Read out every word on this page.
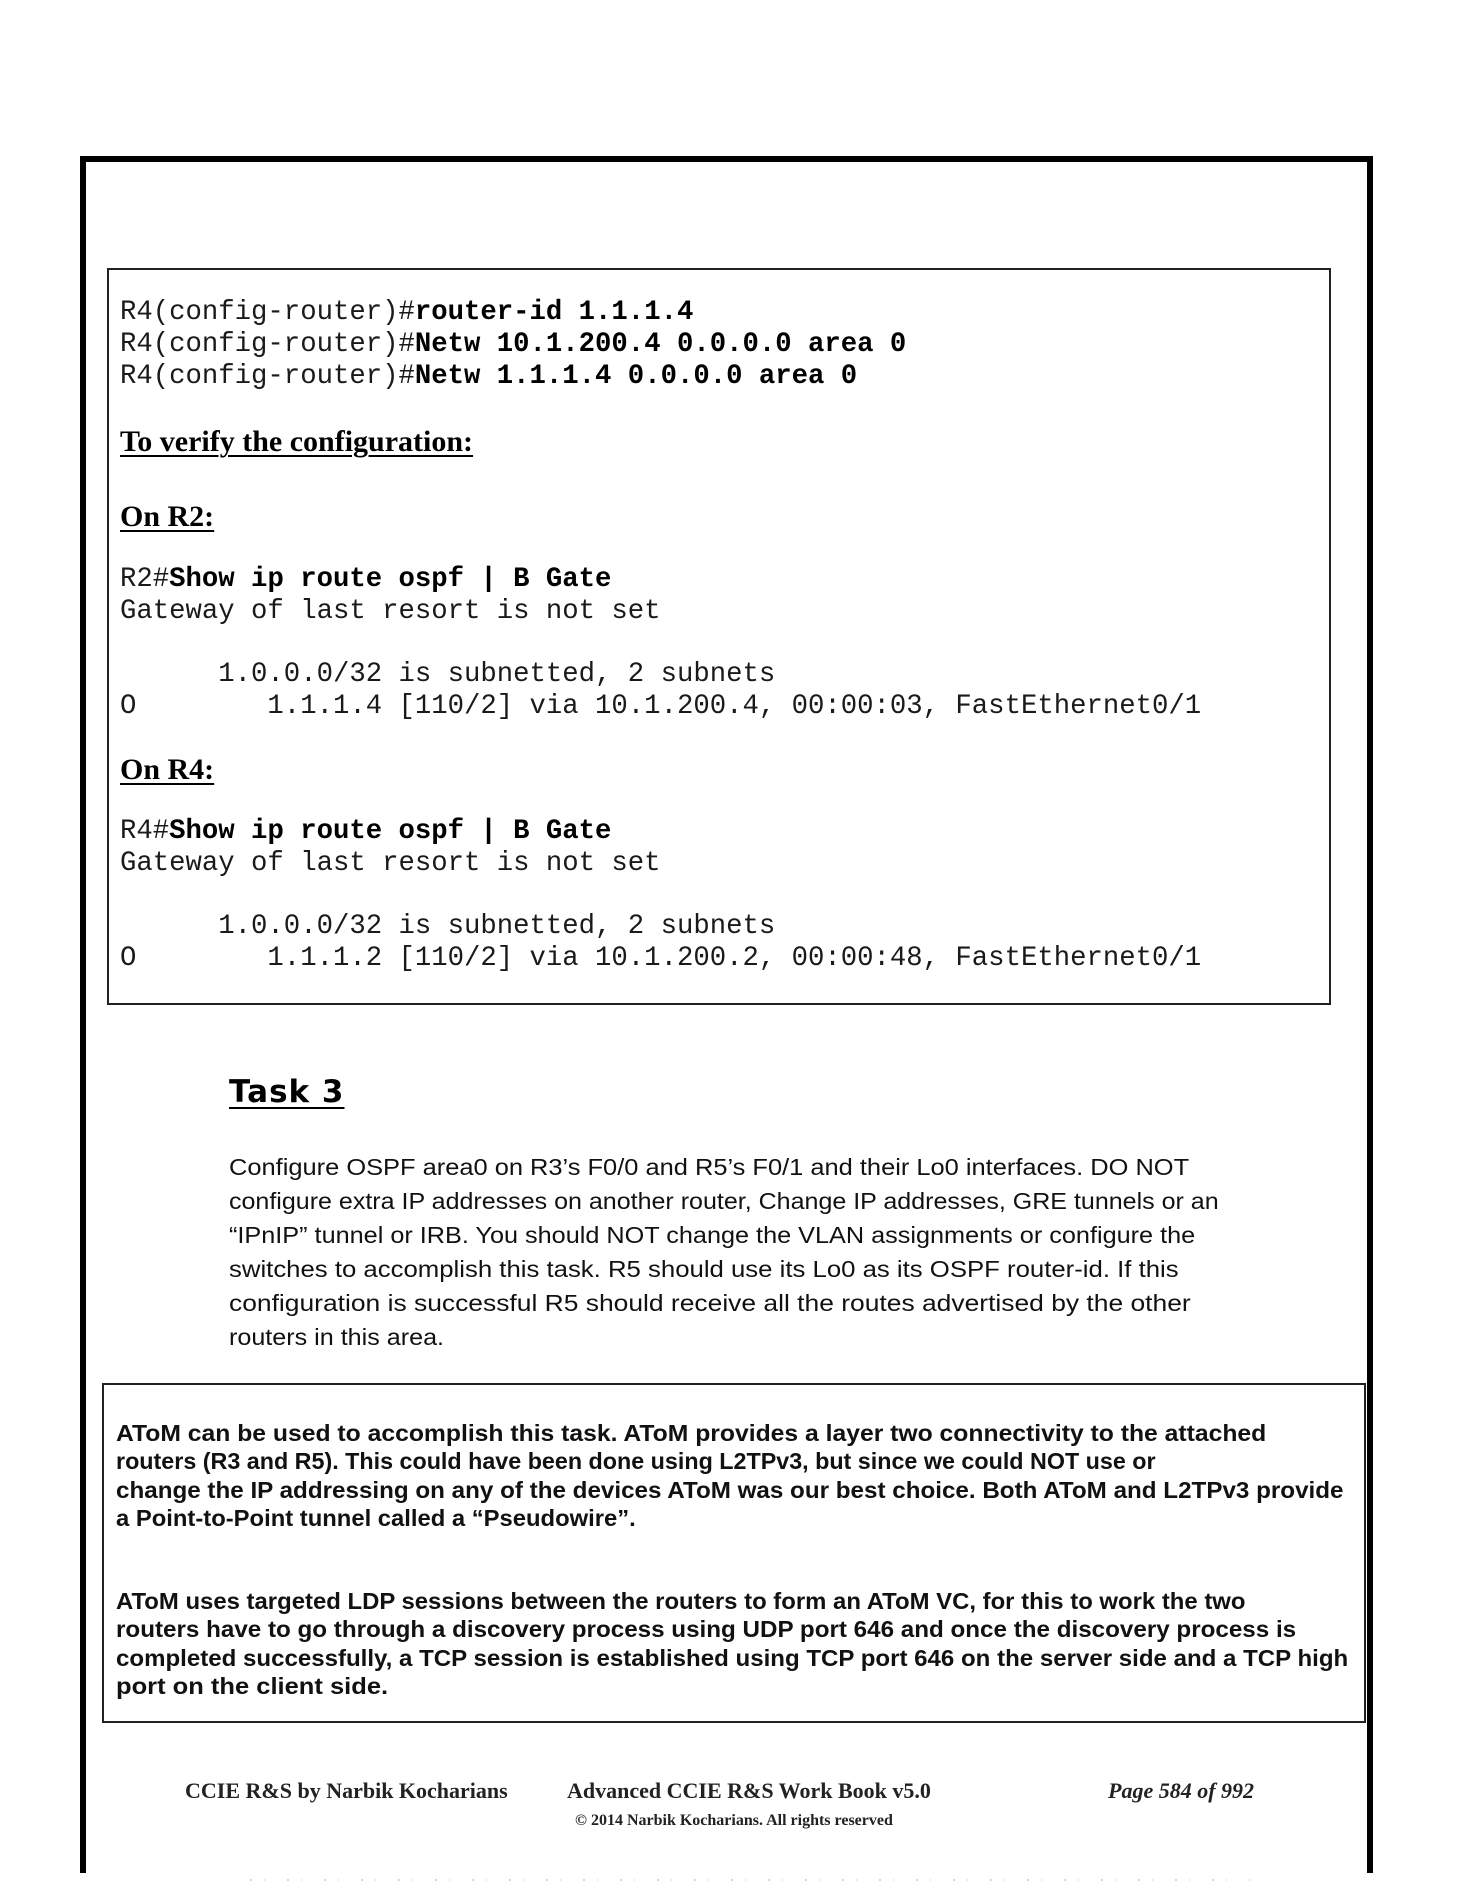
R4(config-router)#router-id 1.1.1.4
R4(config-router)#Netw 10.1.200.4 0.0.0.0 area 0
R4(config-router)#Netw 1.1.1.4 0.0.0.0 area 0
To verify the configuration:
On R2:
R2#Show ip route ospf | B Gate
Gateway of last resort is not set
1.0.0.0/32 is subnetted, 2 subnets
O        1.1.1.4 [110/2] via 10.1.200.4, 00:00:03, FastEthernet0/1
On R4:
R4#Show ip route ospf | B Gate
Gateway of last resort is not set
1.0.0.0/32 is subnetted, 2 subnets
O        1.1.1.2 [110/2] via 10.1.200.2, 00:00:48, FastEthernet0/1
Task 3
Configure OSPF area0 on R3’s F0/0 and R5’s F0/1 and their Lo0 interfaces. DO NOT
configure extra IP addresses on another router, Change IP addresses, GRE tunnels or an
“IPnIP” tunnel or IRB. You should NOT change the VLAN assignments or configure the
switches to accomplish this task. R5 should use its Lo0 as its OSPF router-id. If this
configuration is successful R5 should receive all the routes advertised by the other
routers in this area.
AToM can be used to accomplish this task. AToM provides a layer two connectivity to the attached
routers (R3 and R5). This could have been done using L2TPv3, but since we could NOT use or
change the IP addressing on any of the devices AToM was our best choice. Both AToM and L2TPv3 provide
a Point-to-Point tunnel called a “Pseudowire”.
AToM uses targeted LDP sessions between the routers to form an AToM VC, for this to work the two
routers have to go through a discovery process using UDP port 646 and once the discovery process is
completed successfully, a TCP session is established using TCP port 646 on the server side and a TCP high
port on the client side.
CCIE R&S by Narbik Kocharians	Advanced CCIE R&S Work Book v5.0
© 2014 Narbik Kocharians. All rights reserved
Page 584 of 992
